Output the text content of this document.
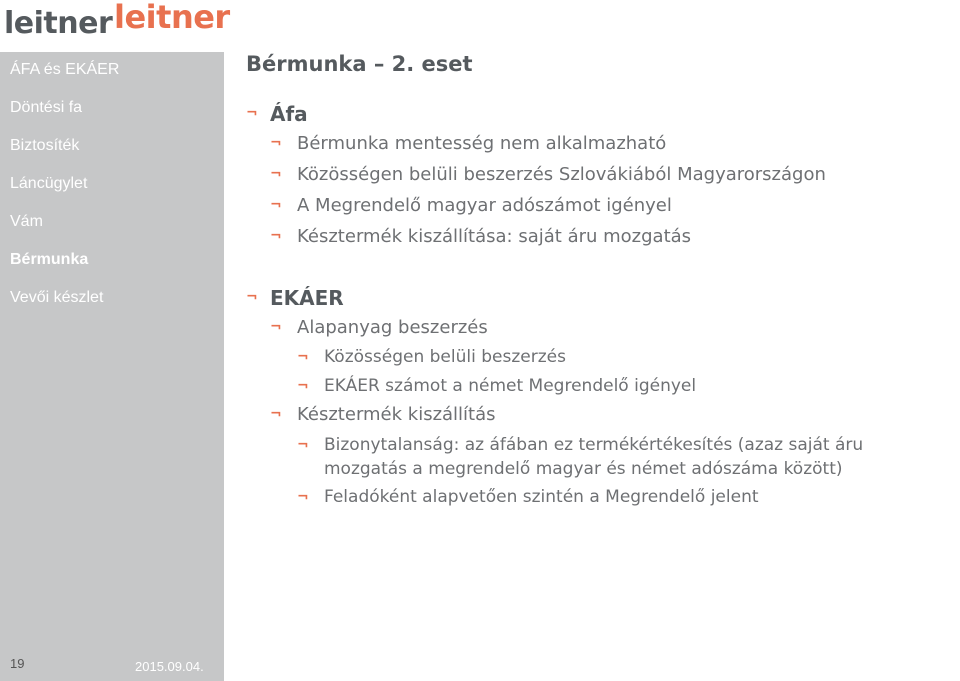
leitner leitner
ÁFA és EKÁER
Döntési fa
Biztosíték
Láncügylet
Vám
Bérmunka
Vevői készlet
19	2015.09.04.
Bérmunka – 2. eset
¬ Áfa
¬ Bérmunka mentesség nem alkalmazható
¬ Közösségen belüli beszerzés Szlovákiából Magyarországon
¬ A Megrendelő magyar adószámot igényel
¬ Késztermék kiszállítása: saját áru mozgatás
¬ EKÁER
¬ Alapanyag beszerzés
¬ Közösségen belüli beszerzés
¬ EKÁER számot a német Megrendelő igényel
¬ Késztermék kiszállítás
¬ Bizonytalanság: az áfában ez termékértékesítés (azaz saját áru
mozgatás a megrendelő magyar és német adószáma között)
¬ Feladóként alapvetően szintén a Megrendelő jelent
